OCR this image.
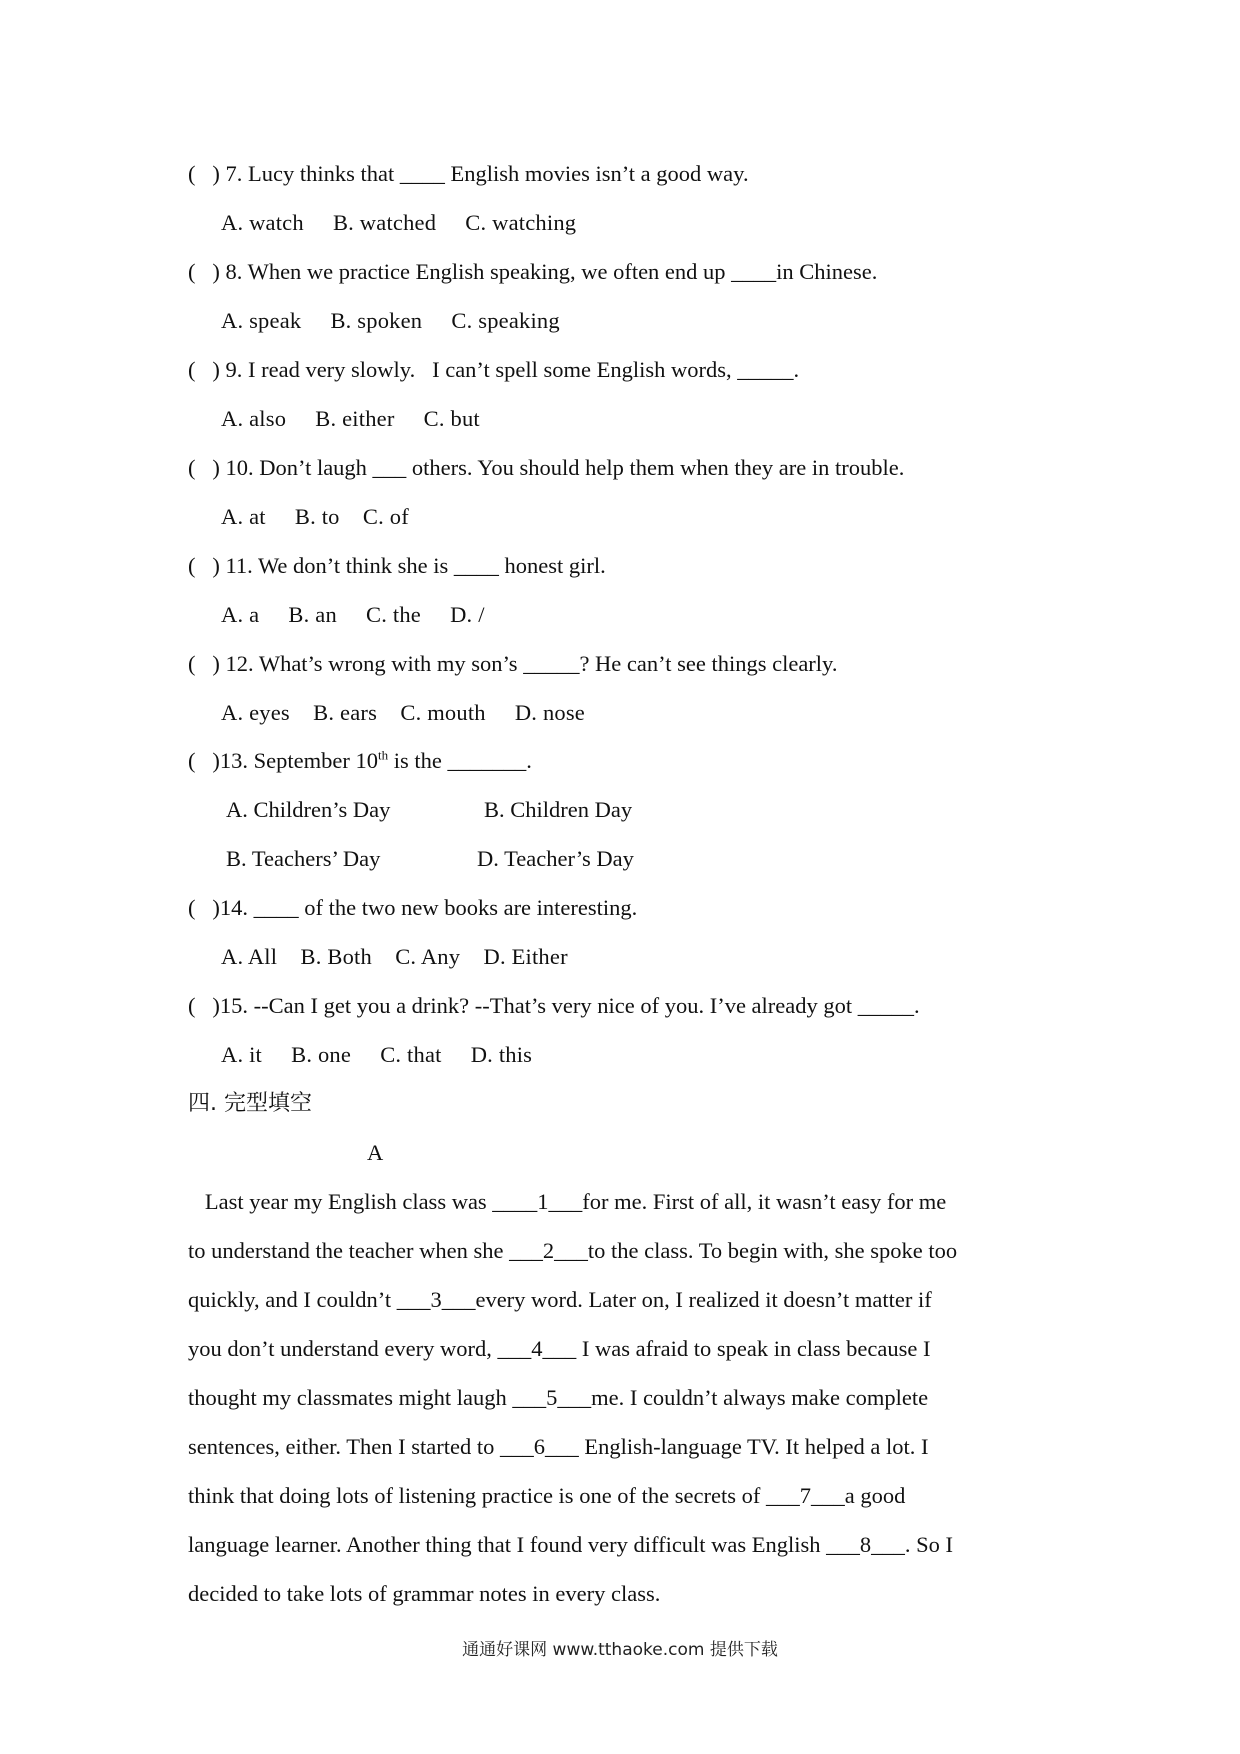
(   ) 7. Lucy thinks that ____ English movies isn’t a good way.

A. watch     B. watched     C. watching

(   ) 8. When we practice English speaking, we often end up ____in Chinese.

A. speak     B. spoken     C. speaking

(   ) 9. I read very slowly.   I can’t spell some English words, _____.

A. also     B. either     C. but

(   ) 10. Don’t laugh ___ others. You should help them when they are in trouble.

A. at     B. to    C. of

(   ) 11. We don’t think she is ____ honest girl.

A. a     B. an     C. the     D. /

(   ) 12. What’s wrong with my son’s _____? He can’t see things clearly.

A. eyes    B. ears    C. mouth     D. nose

(   )13. September 10th is the _______.

A. Children’s Day	B. Children Day

B. Teachers’ Day	D. Teacher’s Day

(   )14. ____ of the two new books are interesting.

A. All    B. Both    C. Any    D. Either

(   )15. --Can I get you a drink? --That’s very nice of you. I’ve already got _____.

A. it     B. one     C. that     D. this

四. 完型填空

A

Last year my English class was ____1___for me. First of all, it wasn’t easy for me

to understand the teacher when she ___2___to the class. To begin with, she spoke too

quickly, and I couldn’t ___3___every word. Later on, I realized it doesn’t matter if

you don’t understand every word, ___4___ I was afraid to speak in class because I

thought my classmates might laugh ___5___me. I couldn’t always make complete

sentences, either. Then I started to ___6___ English-language TV. It helped a lot. I

think that doing lots of listening practice is one of the secrets of ___7___a good

language learner. Another thing that I found very difficult was English ___8___. So I

decided to take lots of grammar notes in every class.

通通好课网 www.tthaoke.com 提供下载
